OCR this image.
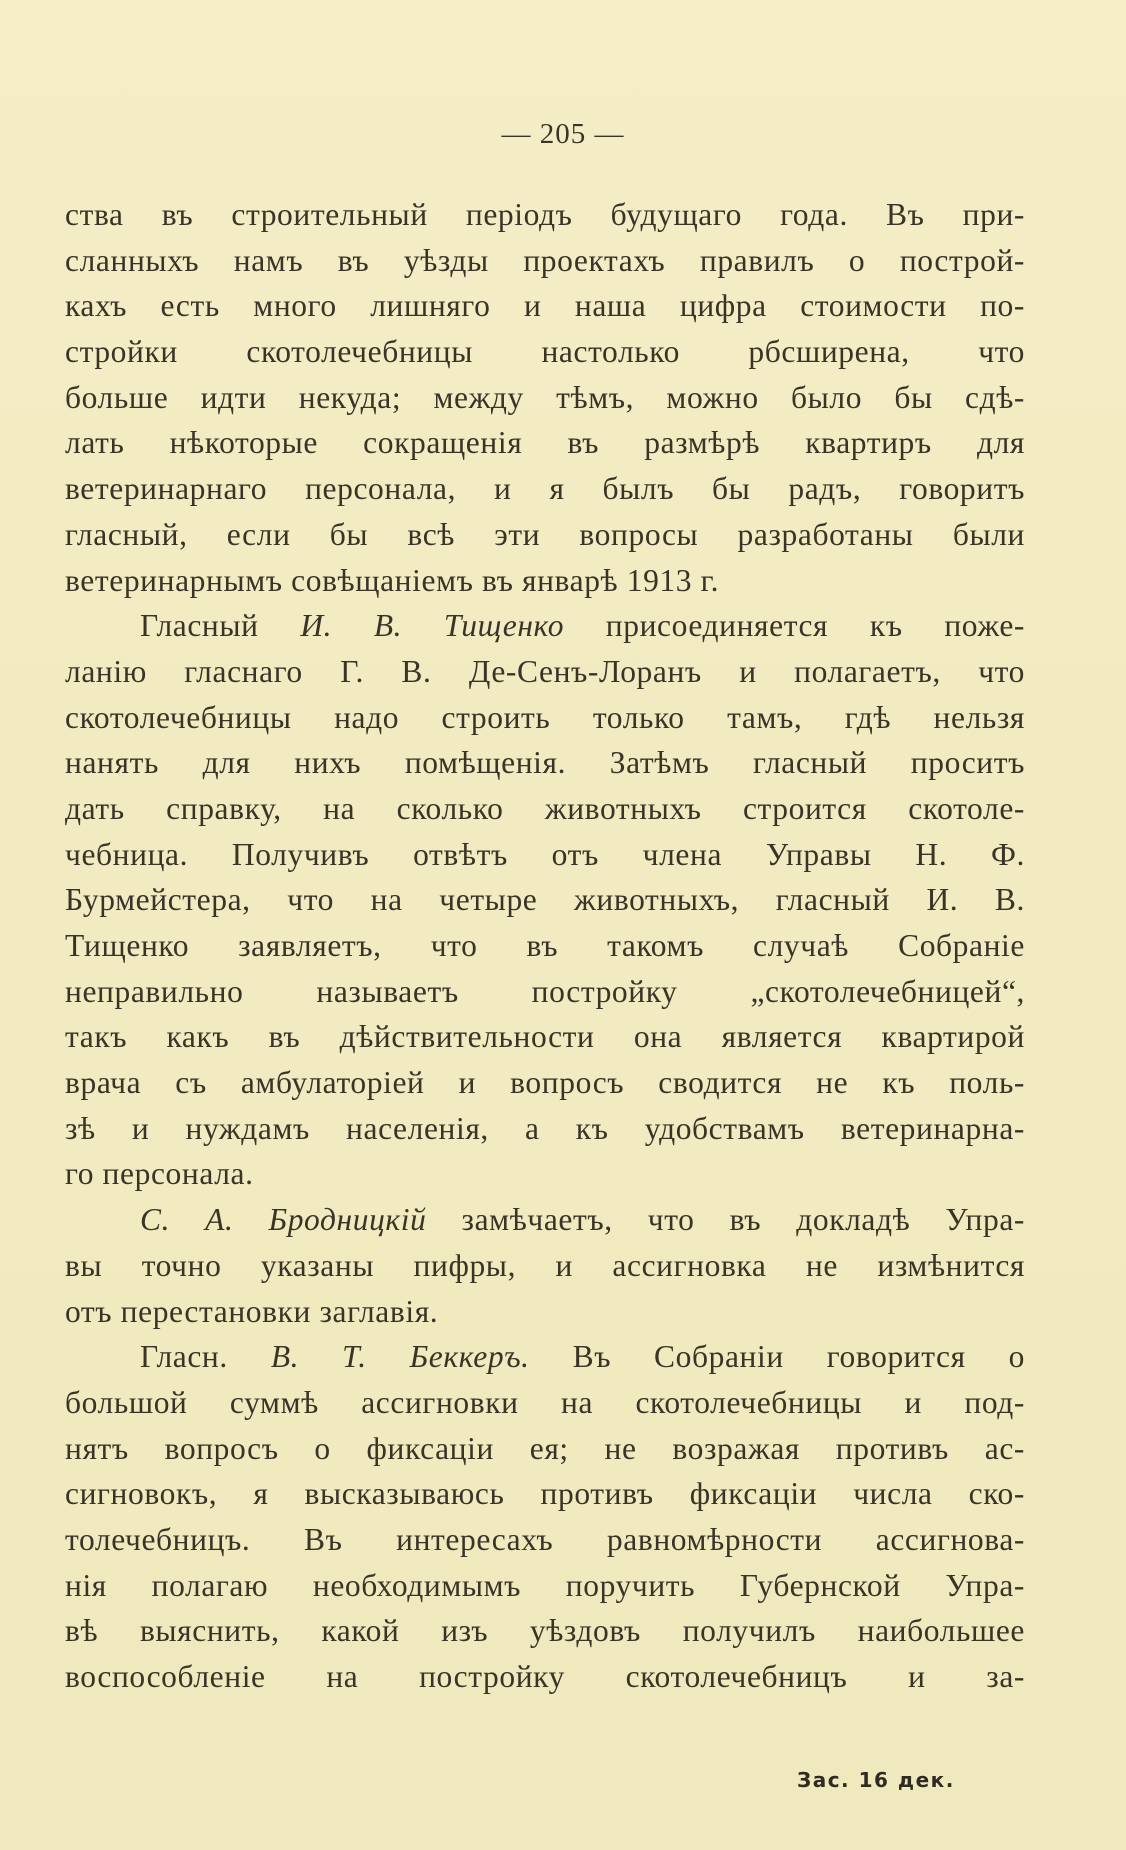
— 205 —
ства въ строительный періодъ будущаго года. Въ при-
сланныхъ намъ въ уѣзды проектахъ правилъ о построй-
кахъ есть много лишняго и наша цифра стоимости по-
стройки скотолечебницы настолько рбсширена, что
больше идти некуда; между тѣмъ, можно было бы сдѣ-
лать нѣкоторые сокращенія въ размѣрѣ квартиръ для
ветеринарнаго персонала, и я былъ бы радъ, говоритъ
гласный, если бы всѣ эти вопросы разработаны были
ветеринарнымъ совѣщаніемъ въ январѣ 1913 г.
Гласный И. В. Тищенко присоединяется къ поже-
ланію гласнаго Г. В. Де-Сенъ-Лоранъ и полагаетъ, что
скотолечебницы надо строить только тамъ, гдѣ нельзя
нанять для нихъ помѣщенія. Затѣмъ гласный проситъ
дать справку, на сколько животныхъ строится скотоле-
чебница. Получивъ отвѣтъ отъ члена Управы Н. Ф.
Бурмейстера, что на четыре животныхъ, гласный И. В.
Тищенко заявляетъ, что въ такомъ случаѣ Собраніе
неправильно называетъ постройку „скотолечебницей“,
такъ какъ въ дѣйствительности она является квартирой
врача съ амбулаторіей и вопросъ сводится не къ поль-
зѣ и нуждамъ населенія, а къ удобствамъ ветеринарна-
го персонала.
С. А. Бродницкій замѣчаетъ, что въ докладѣ Упра-
вы точно указаны пифры, и ассигновка не измѣнится
отъ перестановки заглавія.
Гласн. В. Т. Беккеръ. Въ Собраніи говорится о
большой суммѣ ассигновки на скотолечебницы и под-
нятъ вопросъ о фиксаціи ея; не возражая противъ ас-
сигновокъ, я высказываюсь противъ фиксаціи числа ско-
толечебницъ. Въ интересахъ равномѣрности ассигнова-
нія полагаю необходимымъ поручить Губернской Упра-
вѣ выяснить, какой изъ уѣздовъ получилъ наибольшее
воспособленіе на постройку скотолечебницъ и за-
Зас. 16 дек.
